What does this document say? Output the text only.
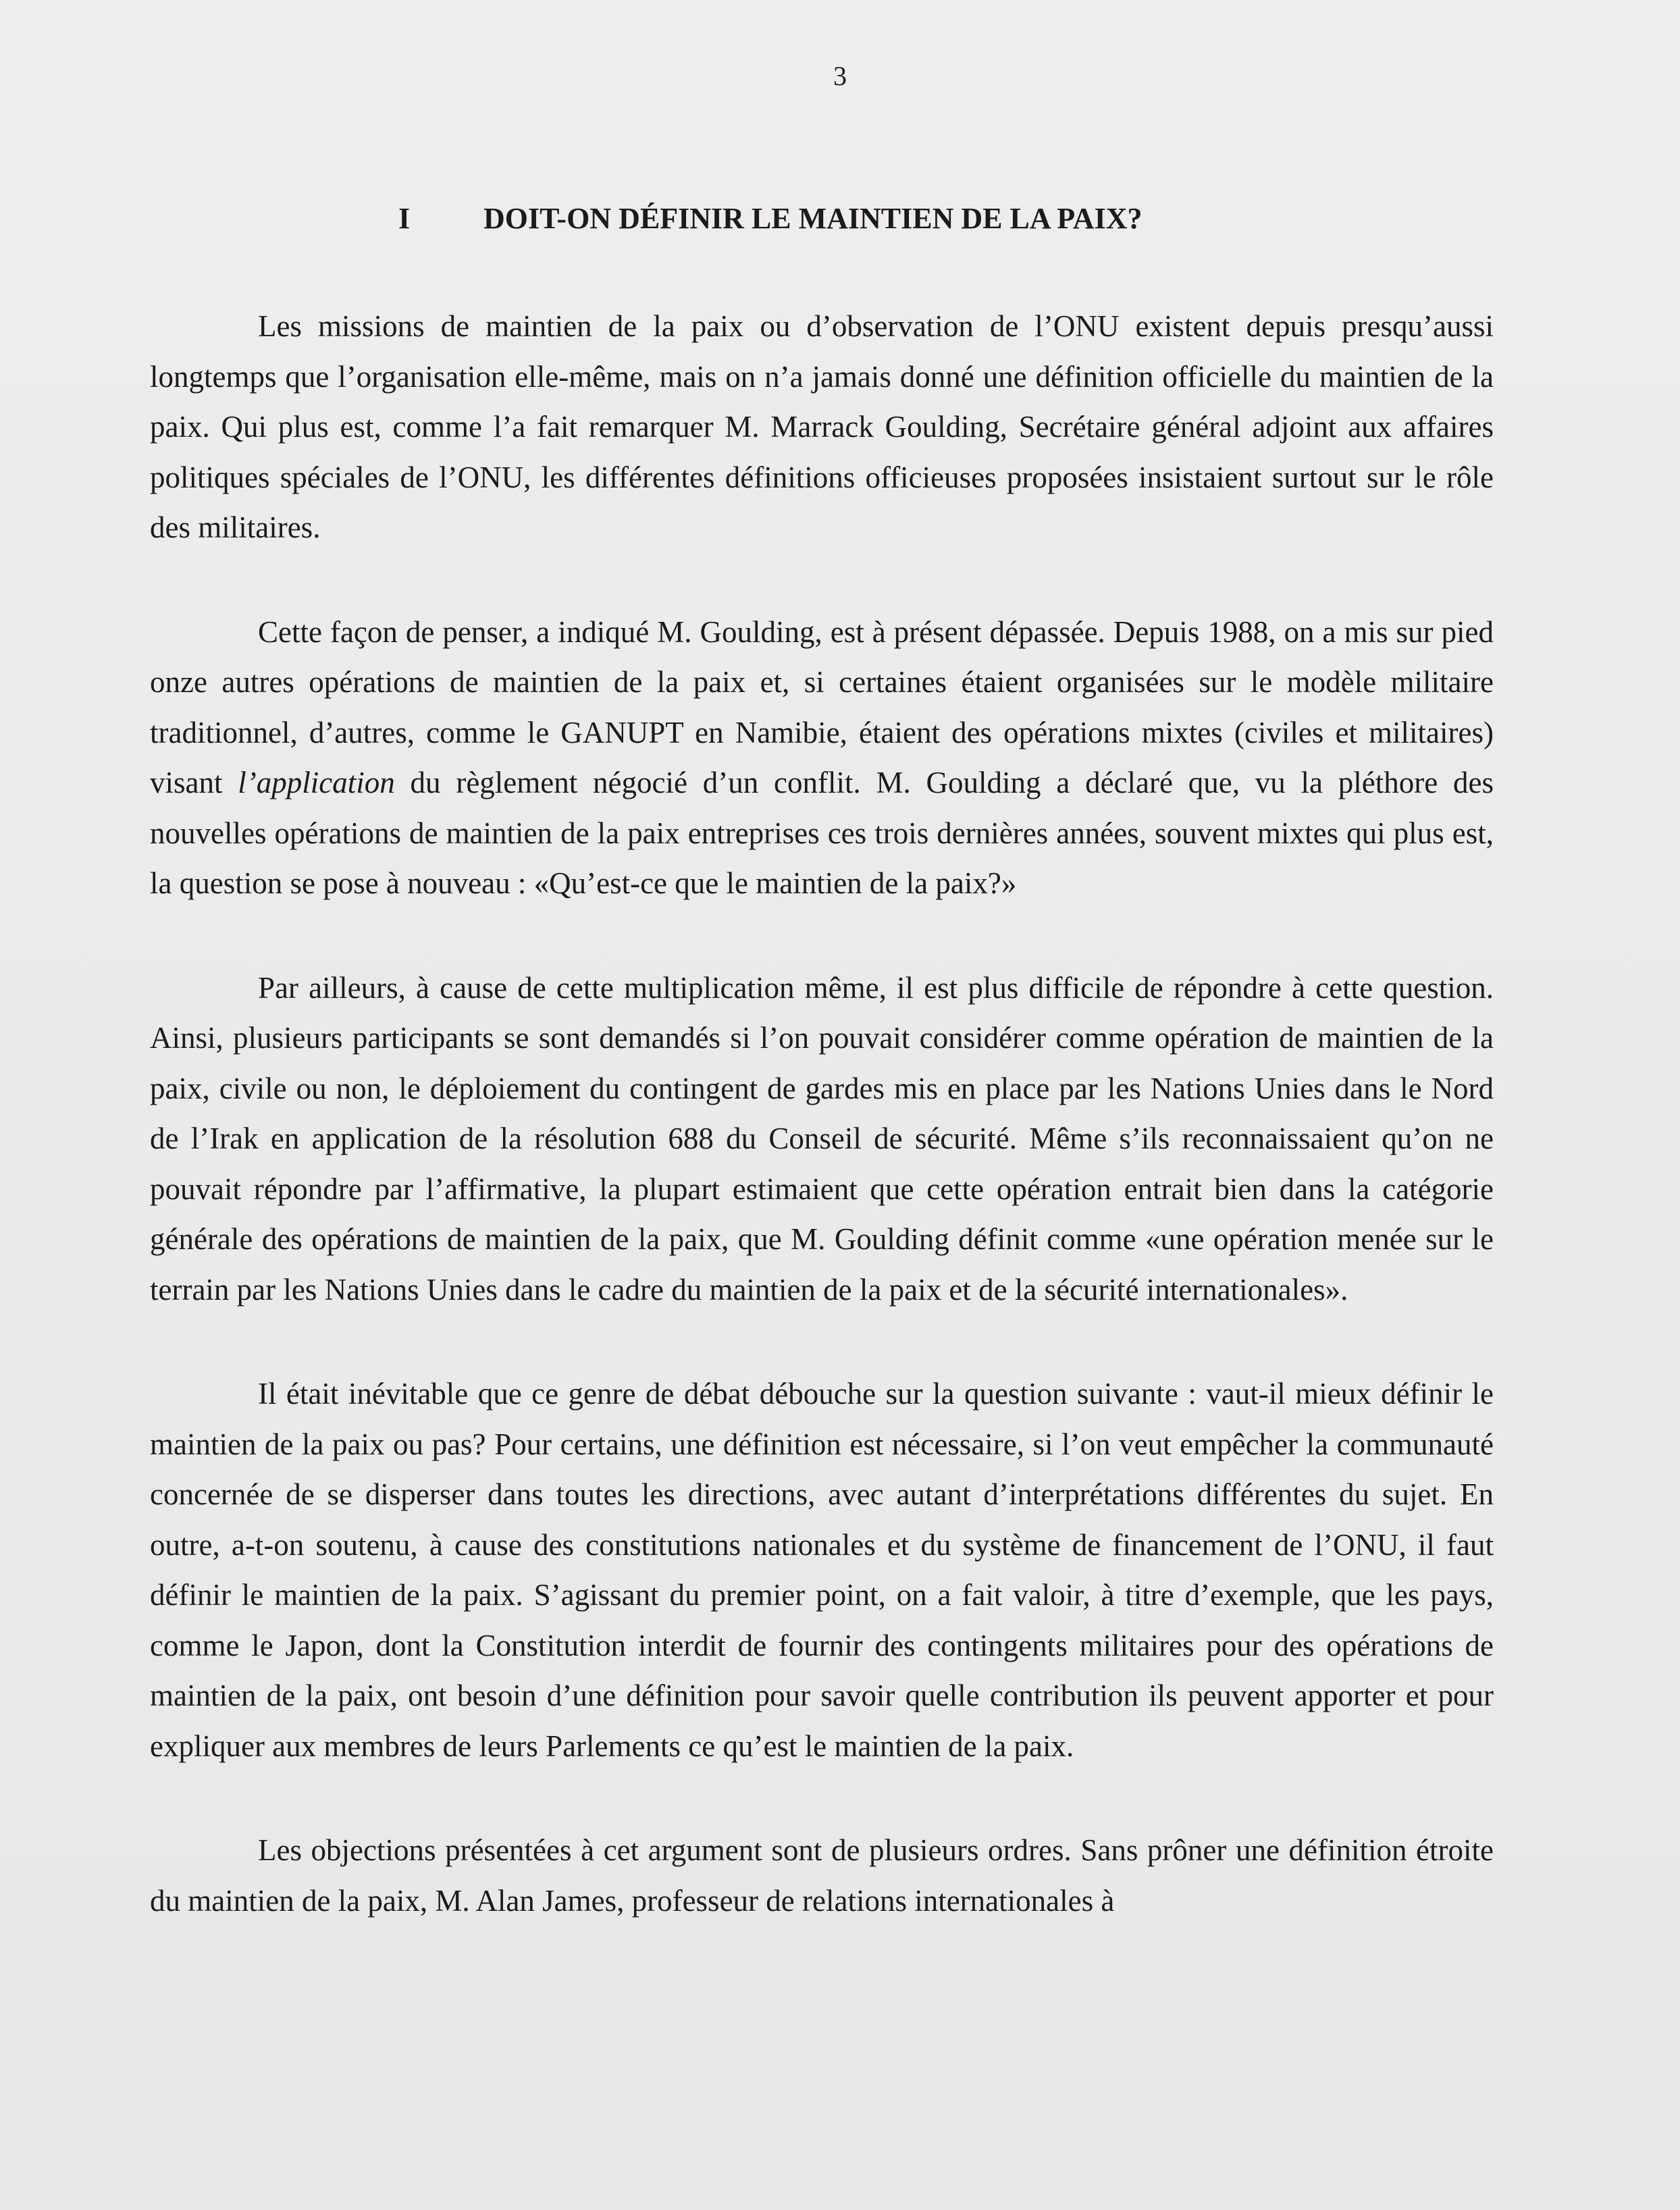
3
I DOIT-ON DÉFINIR LE MAINTIEN DE LA PAIX?

Les missions de maintien de la paix ou d’observation de l’ONU existent depuis presqu’aussi longtemps que l’organisation elle-même, mais on n’a jamais donné une définition officielle du maintien de la paix. Qui plus est, comme l’a fait remarquer M. Marrack Goulding, Secrétaire général adjoint aux affaires politiques spéciales de l’ONU, les différentes définitions officieuses proposées insistaient surtout sur le rôle des militaires.

Cette façon de penser, a indiqué M. Goulding, est à présent dépassée. Depuis 1988, on a mis sur pied onze autres opérations de maintien de la paix et, si certaines étaient organisées sur le modèle militaire traditionnel, d’autres, comme le GANUPT en Namibie, étaient des opérations mixtes (civiles et militaires) visant l’application du règlement négocié d’un conflit. M. Goulding a déclaré que, vu la pléthore des nouvelles opérations de maintien de la paix entreprises ces trois dernières années, souvent mixtes qui plus est, la question se pose à nouveau : «Qu’est-ce que le maintien de la paix?»

Par ailleurs, à cause de cette multiplication même, il est plus difficile de répondre à cette question. Ainsi, plusieurs participants se sont demandés si l’on pouvait considérer comme opération de maintien de la paix, civile ou non, le déploiement du contingent de gardes mis en place par les Nations Unies dans le Nord de l’Irak en application de la résolution 688 du Conseil de sécurité. Même s’ils reconnaissaient qu’on ne pouvait répondre par l’affirmative, la plupart estimaient que cette opération entrait bien dans la catégorie générale des opérations de maintien de la paix, que M. Goulding définit comme «une opération menée sur le terrain par les Nations Unies dans le cadre du maintien de la paix et de la sécurité internationales».

Il était inévitable que ce genre de débat débouche sur la question suivante : vaut-il mieux définir le maintien de la paix ou pas? Pour certains, une définition est nécessaire, si l’on veut empêcher la communauté concernée de se disperser dans toutes les directions, avec autant d’interprétations différentes du sujet. En outre, a-t-on soutenu, à cause des constitutions nationales et du système de financement de l’ONU, il faut définir le maintien de la paix. S’agissant du premier point, on a fait valoir, à titre d’exemple, que les pays, comme le Japon, dont la Constitution interdit de fournir des contingents militaires pour des opérations de maintien de la paix, ont besoin d’une définition pour savoir quelle contribution ils peuvent apporter et pour expliquer aux membres de leurs Parlements ce qu’est le maintien de la paix.

Les objections présentées à cet argument sont de plusieurs ordres. Sans prôner une définition étroite du maintien de la paix, M. Alan James, professeur de relations internationales à
